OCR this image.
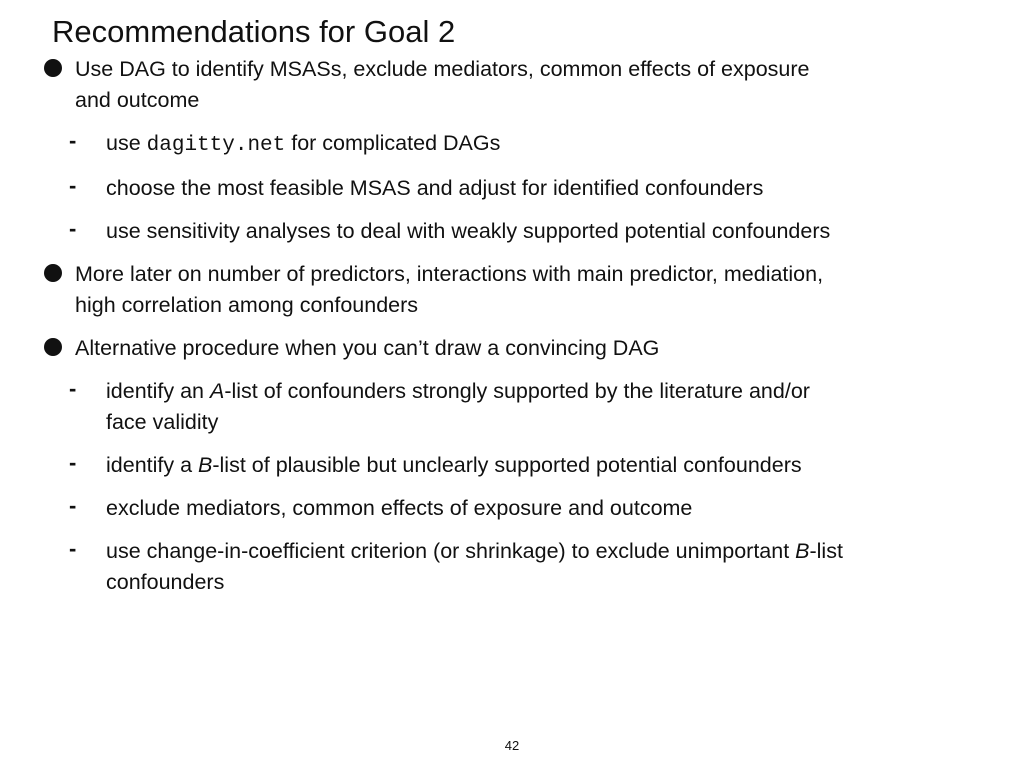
Recommendations for Goal 2
Use DAG to identify MSASs, exclude mediators, common effects of exposure and outcome
- use dagitty.net for complicated DAGs
- choose the most feasible MSAS and adjust for identified confounders
- use sensitivity analyses to deal with weakly supported potential confounders
More later on number of predictors, interactions with main predictor, mediation, high correlation among confounders
Alternative procedure when you can’t draw a convincing DAG
- identify an A-list of confounders strongly supported by the literature and/or face validity
- identify a B-list of plausible but unclearly supported potential confounders
- exclude mediators, common effects of exposure and outcome
- use change-in-coefficient criterion (or shrinkage) to exclude unimportant B-list confounders
42
